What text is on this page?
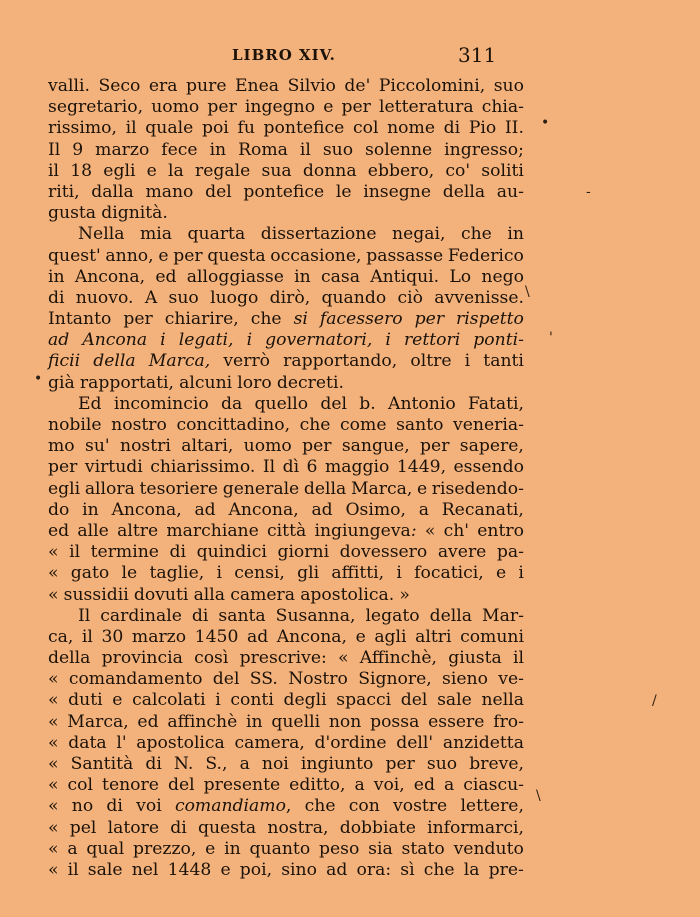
LIBRO XIV.	311
valli. Seco era pure Enea Silvio de' Piccolomini, suo
segretario, uomo per ingegno e per letteratura chia-
rissimo, il quale poi fu pontefice col nome di Pio II.
Il 9 marzo fece in Roma il suo solenne ingresso;
il 18 egli e la regale sua donna ebbero, co' soliti
riti, dalla mano del pontefice le insegne della au-
gusta dignità.
Nella mia quarta dissertazione negai, che in
quest' anno, e per questa occasione, passasse Federico
in Ancona, ed alloggiasse in casa Antiqui. Lo nego
di nuovo. A suo luogo dirò, quando ciò avvenisse.
Intanto per chiarire, che si facessero per rispetto
ad Ancona i legati, i governatori, i rettori ponti-
ficii della Marca, verrò rapportando, oltre i tanti
già rapportati, alcuni loro decreti.
Ed incomincio da quello del b. Antonio Fatati,
nobile nostro concittadino, che come santo veneria-
mo su' nostri altari, uomo per sangue, per sapere,
per virtudi chiarissimo. Il dì 6 maggio 1449, essendo
egli allora tesoriere generale della Marca, e risedendo-
do in Ancona, ad Ancona, ad Osimo, a Recanati,
ed alle altre marchiane città ingiungeva: « ch' entro
« il termine di quindici giorni dovessero avere pa-
« gato le taglie, i censi, gli affitti, i focatici, e i
« sussidii dovuti alla camera apostolica. »
Il cardinale di santa Susanna, legato della Mar-
ca, il 30 marzo 1450 ad Ancona, e agli altri comuni
della provincia così prescrive: « Affinchè, giusta il
« comandamento del SS. Nostro Signore, sieno ve-
« duti e calcolati i conti degli spacci del sale nella
« Marca, ed affinchè in quelli non possa essere fro-
« data l' apostolica camera, d'ordine dell' anzidetta
« Santità di N. S., a noi ingiunto per suo breve,
« col tenore del presente editto, a voi, ed a ciascu-
« no di voi comandiamo, che con vostre lettere,
« pel latore di questa nostra, dobbiate informarci,
« a qual prezzo, e in quanto peso sia stato venduto
« il sale nel 1448 e poi, sino ad ora: sì che la pre-
•
-
\
'
•
/
\
